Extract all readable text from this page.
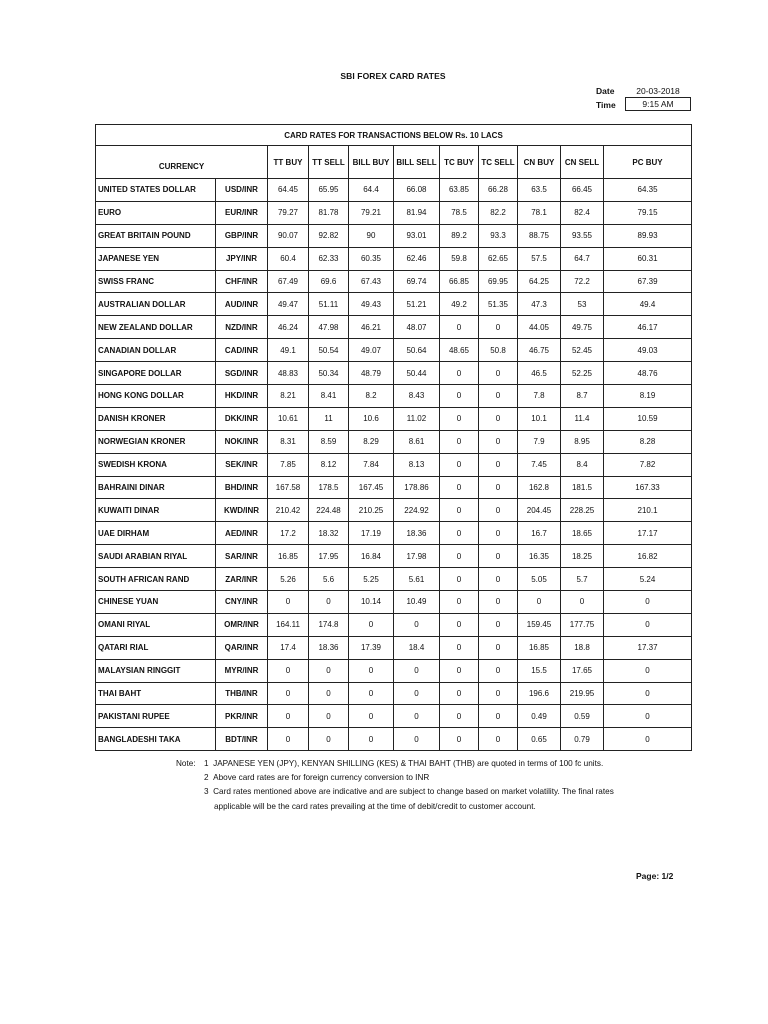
SBI FOREX CARD RATES
Date	20-03-2018
Time	9:15 AM
CARD RATES FOR TRANSACTIONS BELOW Rs. 10 LACS										
CURRENCY		TT BUY	TT SELL	BILL BUY	BILL SELL	TC BUY	TC SELL	CN BUY	CN SELL	PC BUY
UNITED STATES DOLLAR	USD/INR	64.45	65.95	64.4	66.08	63.85	66.28	63.5	66.45	64.35
EURO	EUR/INR	79.27	81.78	79.21	81.94	78.5	82.2	78.1	82.4	79.15
GREAT BRITAIN POUND	GBP/INR	90.07	92.82	90	93.01	89.2	93.3	88.75	93.55	89.93
JAPANESE YEN	JPY/INR	60.4	62.33	60.35	62.46	59.8	62.65	57.5	64.7	60.31
SWISS FRANC	CHF/INR	67.49	69.6	67.43	69.74	66.85	69.95	64.25	72.2	67.39
AUSTRALIAN DOLLAR	AUD/INR	49.47	51.11	49.43	51.21	49.2	51.35	47.3	53	49.4
NEW ZEALAND DOLLAR	NZD/INR	46.24	47.98	46.21	48.07	0	0	44.05	49.75	46.17
CANADIAN DOLLAR	CAD/INR	49.1	50.54	49.07	50.64	48.65	50.8	46.75	52.45	49.03
SINGAPORE DOLLAR	SGD/INR	48.83	50.34	48.79	50.44	0	0	46.5	52.25	48.76
HONG KONG DOLLAR	HKD/INR	8.21	8.41	8.2	8.43	0	0	7.8	8.7	8.19
DANISH KRONER	DKK/INR	10.61	11	10.6	11.02	0	0	10.1	11.4	10.59
NORWEGIAN KRONER	NOK/INR	8.31	8.59	8.29	8.61	0	0	7.9	8.95	8.28
SWEDISH KRONA	SEK/INR	7.85	8.12	7.84	8.13	0	0	7.45	8.4	7.82
BAHRAINI DINAR	BHD/INR	167.58	178.5	167.45	178.86	0	0	162.8	181.5	167.33
KUWAITI DINAR	KWD/INR	210.42	224.48	210.25	224.92	0	0	204.45	228.25	210.1
UAE DIRHAM	AED/INR	17.2	18.32	17.19	18.36	0	0	16.7	18.65	17.17
SAUDI ARABIAN RIYAL	SAR/INR	16.85	17.95	16.84	17.98	0	0	16.35	18.25	16.82
SOUTH AFRICAN RAND	ZAR/INR	5.26	5.6	5.25	5.61	0	0	5.05	5.7	5.24
CHINESE YUAN	CNY/INR	0	0	10.14	10.49	0	0	0	0	0
OMANI RIYAL	OMR/INR	164.11	174.8	0	0	0	0	159.45	177.75	0
QATARI RIAL	QAR/INR	17.4	18.36	17.39	18.4	0	0	16.85	18.8	17.37
MALAYSIAN RINGGIT	MYR/INR	0	0	0	0	0	0	15.5	17.65	0
THAI BAHT	THB/INR	0	0	0	0	0	0	196.6	219.95	0
PAKISTANI RUPEE	PKR/INR	0	0	0	0	0	0	0.49	0.59	0
BANGLADESHI TAKA	BDT/INR	0	0	0	0	0	0	0.65	0.79	0
Note: 1 JAPANESE YEN (JPY), KENYAN SHILLING (KES) & THAI BAHT (THB) are quoted in terms of 100 fc units.
2 Above card rates are for foreign currency conversion to INR
3 Card rates mentioned above are indicative and are subject to change based on market volatility. The final rates
applicable will be the card rates prevailing at the time of debit/credit to customer account.
Page: 1/2
